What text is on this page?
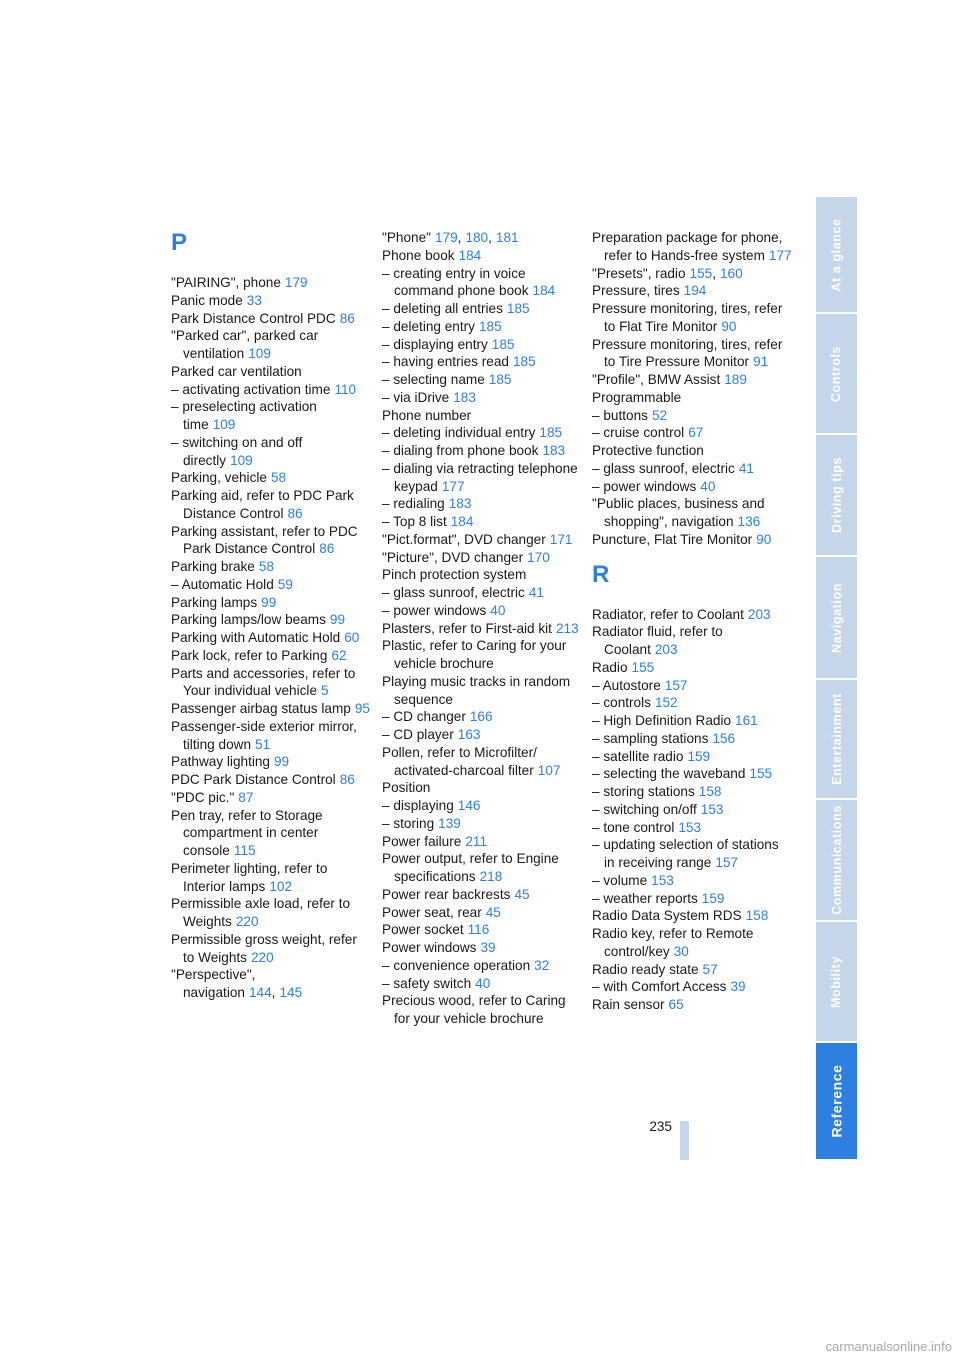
P
"PAIRING", phone 179
Panic mode 33
Park Distance Control PDC 86
"Parked car", parked car ventilation 109
Parked car ventilation
– activating activation time 110
– preselecting activation time 109
– switching on and off directly 109
Parking, vehicle 58
Parking aid, refer to PDC Park Distance Control 86
Parking assistant, refer to PDC Park Distance Control 86
Parking brake 58
– Automatic Hold 59
Parking lamps 99
Parking lamps/low beams 99
Parking with Automatic Hold 60
Park lock, refer to Parking 62
Parts and accessories, refer to Your individual vehicle 5
Passenger airbag status lamp 95
Passenger-side exterior mirror, tilting down 51
Pathway lighting 99
PDC Park Distance Control 86
"PDC pic." 87
Pen tray, refer to Storage compartment in center console 115
Perimeter lighting, refer to Interior lamps 102
Permissible axle load, refer to Weights 220
Permissible gross weight, refer to Weights 220
"Perspective", navigation 144, 145
"Phone" 179, 180, 181
Phone book 184
– creating entry in voice command phone book 184
– deleting all entries 185
– deleting entry 185
– displaying entry 185
– having entries read 185
– selecting name 185
– via iDrive 183
Phone number
– deleting individual entry 185
– dialing from phone book 183
– dialing via retracting telephone keypad 177
– redialing 183
– Top 8 list 184
"Pict.format", DVD changer 171
"Picture", DVD changer 170
Pinch protection system
– glass sunroof, electric 41
– power windows 40
Plasters, refer to First-aid kit 213
Plastic, refer to Caring for your vehicle brochure
Playing music tracks in random sequence
– CD changer 166
– CD player 163
Pollen, refer to Microfilter/ activated-charcoal filter 107
Position
– displaying 146
– storing 139
Power failure 211
Power output, refer to Engine specifications 218
Power rear backrests 45
Power seat, rear 45
Power socket 116
Power windows 39
– convenience operation 32
– safety switch 40
Precious wood, refer to Caring for your vehicle brochure
Preparation package for phone, refer to Hands-free system 177
"Presets", radio 155, 160
Pressure, tires 194
Pressure monitoring, tires, refer to Flat Tire Monitor 90
Pressure monitoring, tires, refer to Tire Pressure Monitor 91
"Profile", BMW Assist 189
Programmable
– buttons 52
– cruise control 67
Protective function
– glass sunroof, electric 41
– power windows 40
"Public places, business and shopping", navigation 136
Puncture, Flat Tire Monitor 90
R
Radiator, refer to Coolant 203
Radiator fluid, refer to Coolant 203
Radio 155
– Autostore 157
– controls 152
– High Definition Radio 161
– sampling stations 156
– satellite radio 159
– selecting the waveband 155
– storing stations 158
– switching on/off 153
– tone control 153
– updating selection of stations in receiving range 157
– volume 153
– weather reports 159
Radio Data System RDS 158
Radio key, refer to Remote control/key 30
Radio ready state 57
– with Comfort Access 39
Rain sensor 65
At a glance
Controls
Driving tips
Navigation
Entertainment
Communications
Mobility
Reference
235
carmanualsonline.info
